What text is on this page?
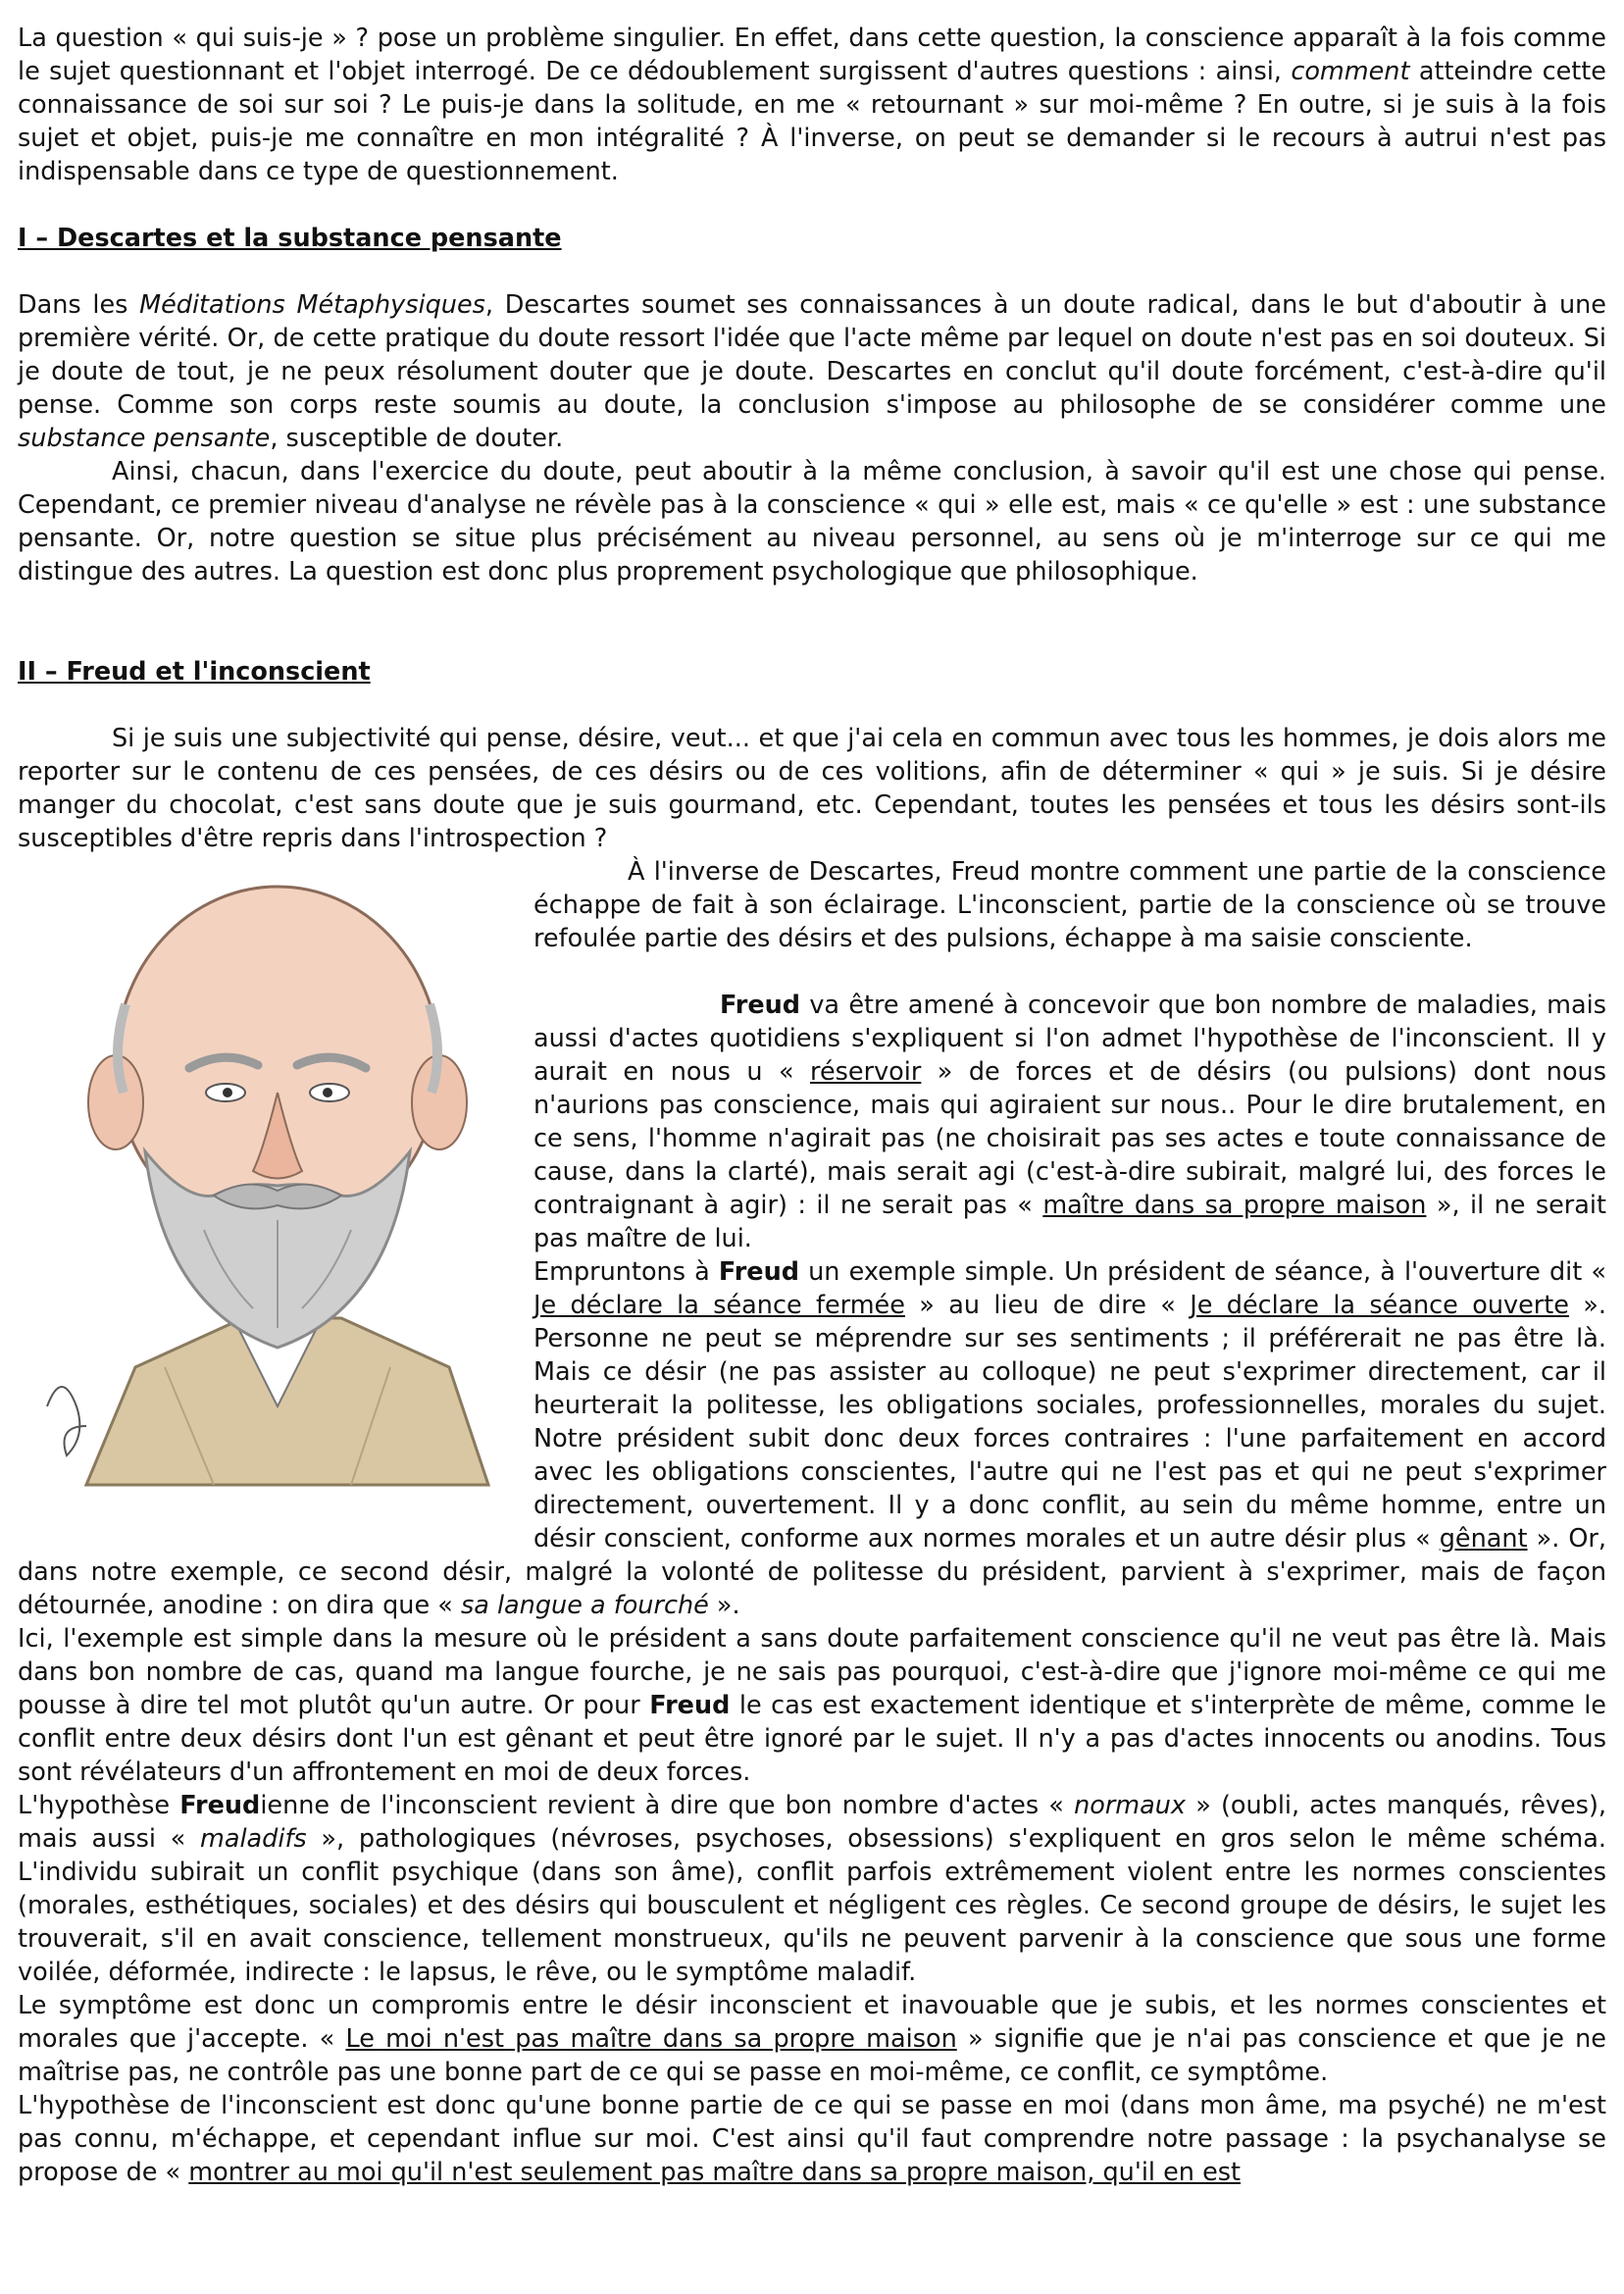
La question « qui suis-je » ? pose un problème singulier. En effet, dans cette question, la conscience apparaît à la fois comme le sujet questionnant et l'objet interrogé. De ce dédoublement surgissent d'autres questions : ainsi, comment atteindre cette connaissance de soi sur soi ? Le puis-je dans la solitude, en me « retournant » sur moi-même ? En outre, si je suis à la fois sujet et objet, puis-je me connaître en mon intégralité ? À l'inverse, on peut se demander si le recours à autrui n'est pas indispensable dans ce type de questionnement.

I – Descartes et la substance pensante

Dans les Méditations Métaphysiques, Descartes soumet ses connaissances à un doute radical, dans le but d'aboutir à une première vérité. Or, de cette pratique du doute ressort l'idée que l'acte même par lequel on doute n'est pas en soi douteux. Si je doute de tout, je ne peux résolument douter que je doute. Descartes en conclut qu'il doute forcément, c'est-à-dire qu'il pense. Comme son corps reste soumis au doute, la conclusion s'impose au philosophe de se considérer comme une substance pensante, susceptible de douter.

Ainsi, chacun, dans l'exercice du doute, peut aboutir à la même conclusion, à savoir qu'il est une chose qui pense. Cependant, ce premier niveau d'analyse ne révèle pas à la conscience « qui » elle est, mais « ce qu'elle » est : une substance pensante. Or, notre question se situe plus précisément au niveau personnel, au sens où je m'interroge sur ce qui me distingue des autres. La question est donc plus proprement psychologique que philosophique.

II – Freud et l'inconscient

Si je suis une subjectivité qui pense, désire, veut... et que j'ai cela en commun avec tous les hommes, je dois alors me reporter sur le contenu de ces pensées, de ces désirs ou de ces volitions, afin de déterminer « qui » je suis. Si je désire manger du chocolat, c'est sans doute que je suis gourmand, etc. Cependant, toutes les pensées et tous les désirs sont-ils susceptibles d'être repris dans l'introspection ?

À l'inverse de Descartes, Freud montre comment une partie de la conscience échappe de fait à son éclairage. L'inconscient, partie de la conscience où se trouve refoulée partie des désirs et des pulsions, échappe à ma saisie consciente.

Freud va être amené à concevoir que bon nombre de maladies, mais aussi d'actes quotidiens s'expliquent si l'on admet l'hypothèse de l'inconscient. Il y aurait en nous u « réservoir » de forces et de désirs (ou pulsions) dont nous n'aurions pas conscience, mais qui agiraient sur nous.. Pour le dire brutalement, en ce sens, l'homme n'agirait pas (ne choisirait pas ses actes e toute connaissance de cause, dans la clarté), mais serait agi (c'est-à-dire subirait, malgré lui, des forces le contraignant à agir) : il ne serait pas « maître dans sa propre maison », il ne serait pas maître de lui.

Empruntons à Freud un exemple simple. Un président de séance, à l'ouverture dit « Je déclare la séance fermée » au lieu de dire « Je déclare la séance ouverte ». Personne ne peut se méprendre sur ses sentiments ; il préférerait ne pas être là. Mais ce désir (ne pas assister au colloque) ne peut s'exprimer directement, car il heurterait la politesse, les obligations sociales, professionnelles, morales du sujet. Notre président subit donc deux forces contraires : l'une parfaitement en accord avec les obligations conscientes, l'autre qui ne l'est pas et qui ne peut s'exprimer directement, ouvertement. Il y a donc conflit, au sein du même homme, entre un désir conscient, conforme aux normes morales et un autre désir plus « gênant ». Or, dans notre exemple, ce second désir, malgré la volonté de politesse du président, parvient à s'exprimer, mais de façon détournée, anodine : on dira que « sa langue a fourché ».

Ici, l'exemple est simple dans la mesure où le président a sans doute parfaitement conscience qu'il ne veut pas être là. Mais dans bon nombre de cas, quand ma langue fourche, je ne sais pas pourquoi, c'est-à-dire que j'ignore moi-même ce qui me pousse à dire tel mot plutôt qu'un autre. Or pour Freud le cas est exactement identique et s'interprète de même, comme le conflit entre deux désirs dont l'un est gênant et peut être ignoré par le sujet. Il n'y a pas d'actes innocents ou anodins. Tous sont révélateurs d'un affrontement en moi de deux forces.

L'hypothèse Freudienne de l'inconscient revient à dire que bon nombre d'actes « normaux » (oubli, actes manqués, rêves), mais aussi « maladifs », pathologiques (névroses, psychoses, obsessions) s'expliquent en gros selon le même schéma. L'individu subirait un conflit psychique (dans son âme), conflit parfois extrêmement violent entre les normes conscientes (morales, esthétiques, sociales) et des désirs qui bousculent et négligent ces règles. Ce second groupe de désirs, le sujet les trouverait, s'il en avait conscience, tellement monstrueux, qu'ils ne peuvent parvenir à la conscience que sous une forme voilée, déformée, indirecte : le lapsus, le rêve, ou le symptôme maladif.

Le symptôme est donc un compromis entre le désir inconscient et inavouable que je subis, et les normes conscientes et morales que j'accepte. « Le moi n'est pas maître dans sa propre maison » signifie que je n'ai pas conscience et que je ne maîtrise pas, ne contrôle pas une bonne part de ce qui se passe en moi-même, ce conflit, ce symptôme.

L'hypothèse de l'inconscient est donc qu'une bonne partie de ce qui se passe en moi (dans mon âme, ma psyché) ne m'est pas connu, m'échappe, et cependant influe sur moi. C'est ainsi qu'il faut comprendre notre passage : la psychanalyse se propose de « montrer au moi qu'il n'est seulement pas maître dans sa propre maison, qu'il en est
